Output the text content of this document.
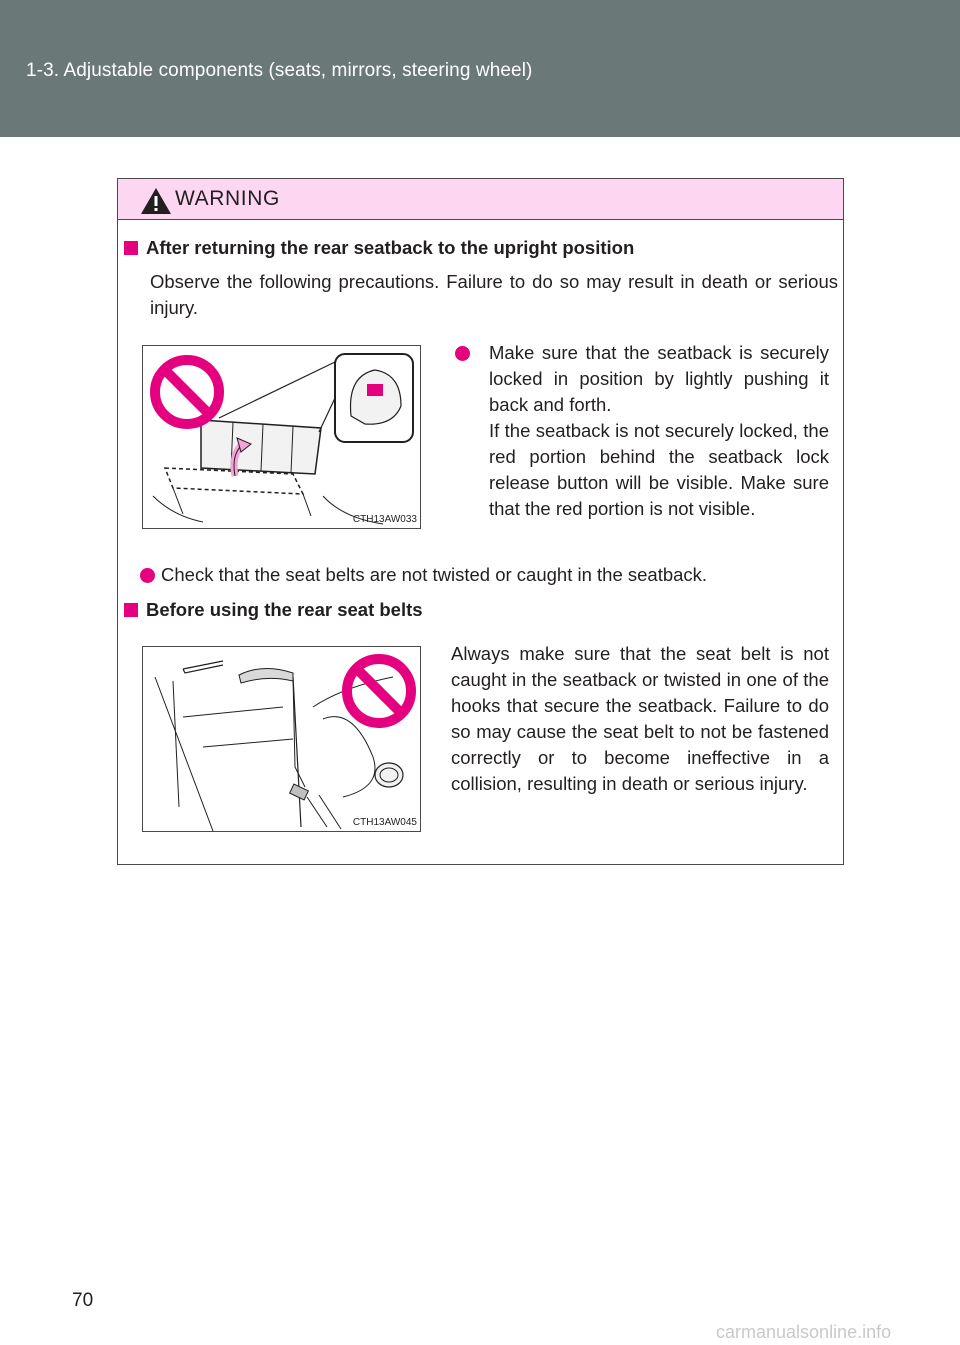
1-3. Adjustable components (seats, mirrors, steering wheel)
WARNING
After returning the rear seatback to the upright position
Observe the following precautions. Failure to do so may result in death or serious injury.
CTH13AW033
Make sure that the seatback is securely locked in position by lightly pushing it back and forth.
If the seatback is not securely locked, the red portion behind the seatback lock release button will be visible. Make sure that the red portion is not visible.
Check that the seat belts are not twisted or caught in the seatback.
Before using the rear seat belts
CTH13AW045
Always make sure that the seat belt is not caught in the seatback or twisted in one of the hooks that secure the seatback. Failure to do so may cause the seat belt to not be fastened correctly or to become ineffective in a collision, resulting in death or serious injury.
70
carmanualsonline.info
